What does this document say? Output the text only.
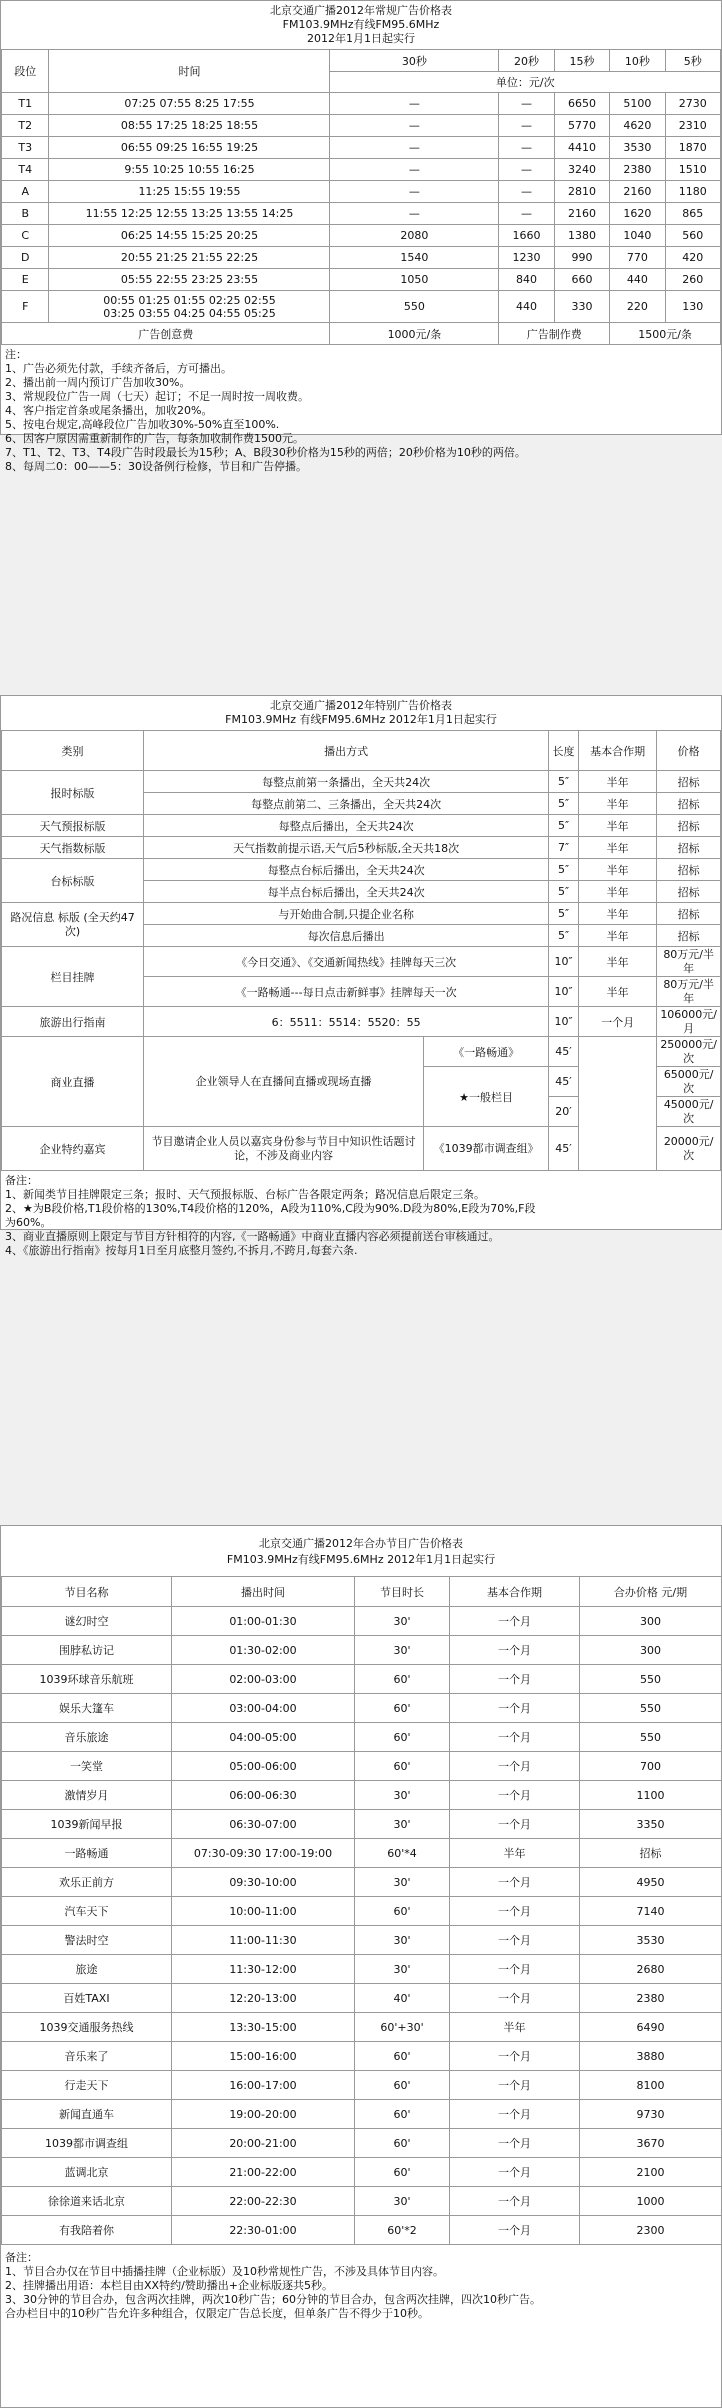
北京交通广播2012年常规广告价格表
FM103.9MHz有线FM95.6MHz
2012年1月1日起实行
段位	时间	30秒	20秒	15秒	10秒	5秒
		单位：元/次				
T1	07:25 07:55 8:25 17:55	—	—	6650	5100	2730
T2	08:55 17:25 18:25 18:55	—	—	5770	4620	2310
T3	06:55 09:25 16:55 19:25	—	—	4410	3530	1870
T4	9:55 10:25 10:55 16:25	—	—	3240	2380	1510
A	11:25 15:55 19:55	—	—	2810	2160	1180
B	11:55 12:25 12:55 13:25 13:55 14:25	—	—	2160	1620	865
C	06:25 14:55 15:25 20:25	2080	1660	1380	1040	560
D	20:55 21:25 21:55 22:25	1540	1230	990	770	420
E	05:55 22:55 23:25 23:55	1050	840	660	440	260
F	00:55 01:25 01:55 02:25 02:55
03:25 03:55 04:25 04:55 05:25	550	440	330	220	130
广告创意费		1000元/条	广告制作费		1500元/条	
注：
1、广告必须先付款，手续齐备后，方可播出。
2、播出前一周内预订广告加收30%。
3、常规段位广告一周（七天）起订；不足一周时按一周收费。
4、客户指定首条或尾条播出，加收20%。
5、按电台规定,高峰段位广告加收30%-50%直至100%.
6、因客户原因需重新制作的广告，每条加收制作费1500元。
7、T1、T2、T3、T4段广告时段最长为15秒；A、B段30秒价格为15秒的两倍；20秒价格为10秒的两倍。
8、每周二0：00——5：30设备例行检修，节目和广告停播。
北京交通广播2012年特别广告价格表
FM103.9MHz 有线FM95.6MHz 2012年1月1日起实行
类别	播出方式		长度	基本合作期	价格
报时标版	每整点前第一条播出，全天共24次		5″	半年	招标
	每整点前第二、三条播出，全天共24次		5″	半年	招标
天气预报标版	每整点后播出，全天共24次		5″	半年	招标
天气指数标版	天气指数前提示语,天气后5秒标版,全天共18次		7″	半年	招标
台标标版	每整点台标后播出，全天共24次		5″	半年	招标
	每半点台标后播出，全天共24次		5″	半年	招标
路况信息 标版 (全天约47次)	与开始曲合制,只提企业名称		5″	半年	招标
	每次信息后播出		5″	半年	招标
栏目挂牌	《今日交通》、《交通新闻热线》挂牌每天三次		10″	半年	80万元/半年
	《一路畅通---每日点击新鲜事》挂牌每天一次		10″	半年	80万元/半年
旅游出行指南	6：5511：5514：5520：55		10″	一个月	106000元/月
商业直播	企业领导人在直播间直播或现场直播	《一路畅通》	45′		250000元/次
		★一般栏目	45′		65000元/次
			20′		45000元/次
企业特约嘉宾	节目邀请企业人员以嘉宾身份参与节目中知识性话题讨论，不涉及商业内容	《1039都市调查组》	45′		20000元/次
备注：
1、新闻类节目挂牌限定三条；报时、天气预报标版、台标广告各限定两条；路况信息后限定三条。
2、★为B段价格,T1段价格的130%,T4段价格的120%，A段为110%,C段为90%.D段为80%,E段为70%,F段
为60%。
3、商业直播原则上限定与节目方针相符的内容,《一路畅通》中商业直播内容必须提前送台审核通过。
4、《旅游出行指南》按每月1日至月底整月签约,不拆月,不跨月,每套六条.
北京交通广播2012年合办节目广告价格表
FM103.9MHz有线FM95.6MHz 2012年1月1日起实行
节目名称	播出时间	节目时长	基本合作期	合办价格 元/期
谜幻时空	01:00-01:30	30'	一个月	300
围脖私访记	01:30-02:00	30'	一个月	300
1039环球音乐航班	02:00-03:00	60'	一个月	550
娱乐大篷车	03:00-04:00	60'	一个月	550
音乐旅途	04:00-05:00	60'	一个月	550
一笑堂	05:00-06:00	60'	一个月	700
激情岁月	06:00-06:30	30'	一个月	1100
1039新闻早报	06:30-07:00	30'	一个月	3350
一路畅通	07:30-09:30 17:00-19:00	60'*4	半年	招标
欢乐正前方	09:30-10:00	30'	一个月	4950
汽车天下	10:00-11:00	60'	一个月	7140
警法时空	11:00-11:30	30'	一个月	3530
旅途	11:30-12:00	30'	一个月	2680
百姓TAXI	12:20-13:00	40'	一个月	2380
1039交通服务热线	13:30-15:00	60'+30'	半年	6490
音乐来了	15:00-16:00	60'	一个月	3880
行走天下	16:00-17:00	60'	一个月	8100
新闻直通车	19:00-20:00	60'	一个月	9730
1039都市调查组	20:00-21:00	60'	一个月	3670
蓝调北京	21:00-22:00	60'	一个月	2100
徐徐道来话北京	22:00-22:30	30'	一个月	1000
有我陪着你	22:30-01:00	60'*2	一个月	2300
备注：
1、节目合办仅在节目中插播挂牌（企业标版）及10秒常规性广告，不涉及具体节目内容。
2、挂牌播出用语：本栏目由XX特约/赞助播出+企业标版逐共5秒。
3、30分钟的节目合办，包含两次挂牌，两次10秒广告；60分钟的节目合办，包含两次挂牌，四次10秒广告。
合办栏目中的10秒广告允许多种组合，仅限定广告总长度，但单条广告不得少于10秒。
